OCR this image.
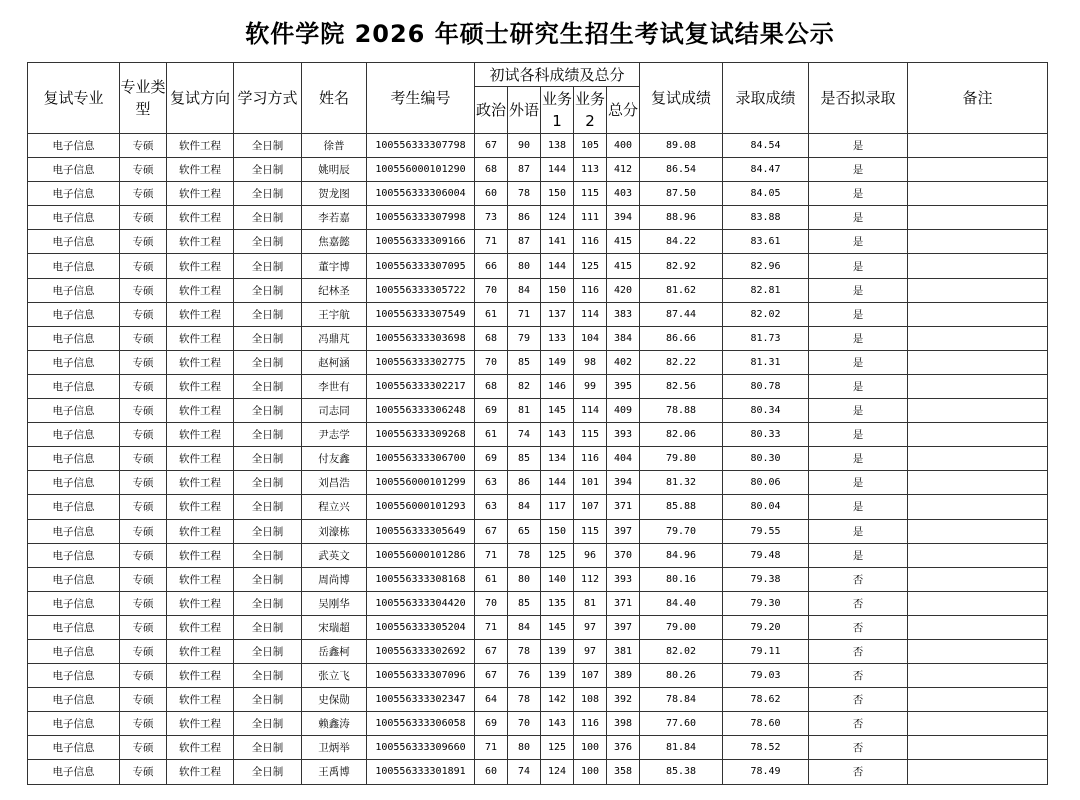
软件学院 2026 年硕士研究生招生考试复试结果公示
复试专业	专业类型	复试方向	学习方式	姓名	考生编号	初试各科成绩及总分					复试成绩	录取成绩	是否拟录取	备注
						政治	外语	业务1	业务2	总分				
电子信息	专硕	软件工程	全日制	徐普	100556333307798	67	90	138	105	400	89.08	84.54	是	
电子信息	专硕	软件工程	全日制	姚明辰	100556000101290	68	87	144	113	412	86.54	84.47	是	
电子信息	专硕	软件工程	全日制	贺龙图	100556333306004	60	78	150	115	403	87.50	84.05	是	
电子信息	专硕	软件工程	全日制	李若嘉	100556333307998	73	86	124	111	394	88.96	83.88	是	
电子信息	专硕	软件工程	全日制	焦嘉懿	100556333309166	71	87	141	116	415	84.22	83.61	是	
电子信息	专硕	软件工程	全日制	董宇博	100556333307095	66	80	144	125	415	82.92	82.96	是	
电子信息	专硕	软件工程	全日制	纪林圣	100556333305722	70	84	150	116	420	81.62	82.81	是	
电子信息	专硕	软件工程	全日制	王宇航	100556333307549	61	71	137	114	383	87.44	82.02	是	
电子信息	专硕	软件工程	全日制	冯鼎芃	100556333303698	68	79	133	104	384	86.66	81.73	是	
电子信息	专硕	软件工程	全日制	赵柯涵	100556333302775	70	85	149	98	402	82.22	81.31	是	
电子信息	专硕	软件工程	全日制	李世有	100556333302217	68	82	146	99	395	82.56	80.78	是	
电子信息	专硕	软件工程	全日制	司志同	100556333306248	69	81	145	114	409	78.88	80.34	是	
电子信息	专硕	软件工程	全日制	尹志学	100556333309268	61	74	143	115	393	82.06	80.33	是	
电子信息	专硕	软件工程	全日制	付友鑫	100556333306700	69	85	134	116	404	79.80	80.30	是	
电子信息	专硕	软件工程	全日制	刘昌浩	100556000101299	63	86	144	101	394	81.32	80.06	是	
电子信息	专硕	软件工程	全日制	程立兴	100556000101293	63	84	117	107	371	85.88	80.04	是	
电子信息	专硕	软件工程	全日制	刘濠栋	100556333305649	67	65	150	115	397	79.70	79.55	是	
电子信息	专硕	软件工程	全日制	武英文	100556000101286	71	78	125	96	370	84.96	79.48	是	
电子信息	专硕	软件工程	全日制	周尚博	100556333308168	61	80	140	112	393	80.16	79.38	否	
电子信息	专硕	软件工程	全日制	吴刚华	100556333304420	70	85	135	81	371	84.40	79.30	否	
电子信息	专硕	软件工程	全日制	宋瑞超	100556333305204	71	84	145	97	397	79.00	79.20	否	
电子信息	专硕	软件工程	全日制	岳鑫柯	100556333302692	67	78	139	97	381	82.02	79.11	否	
电子信息	专硕	软件工程	全日制	张立飞	100556333307096	67	76	139	107	389	80.26	79.03	否	
电子信息	专硕	软件工程	全日制	史保勋	100556333302347	64	78	142	108	392	78.84	78.62	否	
电子信息	专硕	软件工程	全日制	赖鑫涛	100556333306058	69	70	143	116	398	77.60	78.60	否	
电子信息	专硕	软件工程	全日制	卫炳举	100556333309660	71	80	125	100	376	81.84	78.52	否	
电子信息	专硕	软件工程	全日制	王禹博	100556333301891	60	74	124	100	358	85.38	78.49	否	
